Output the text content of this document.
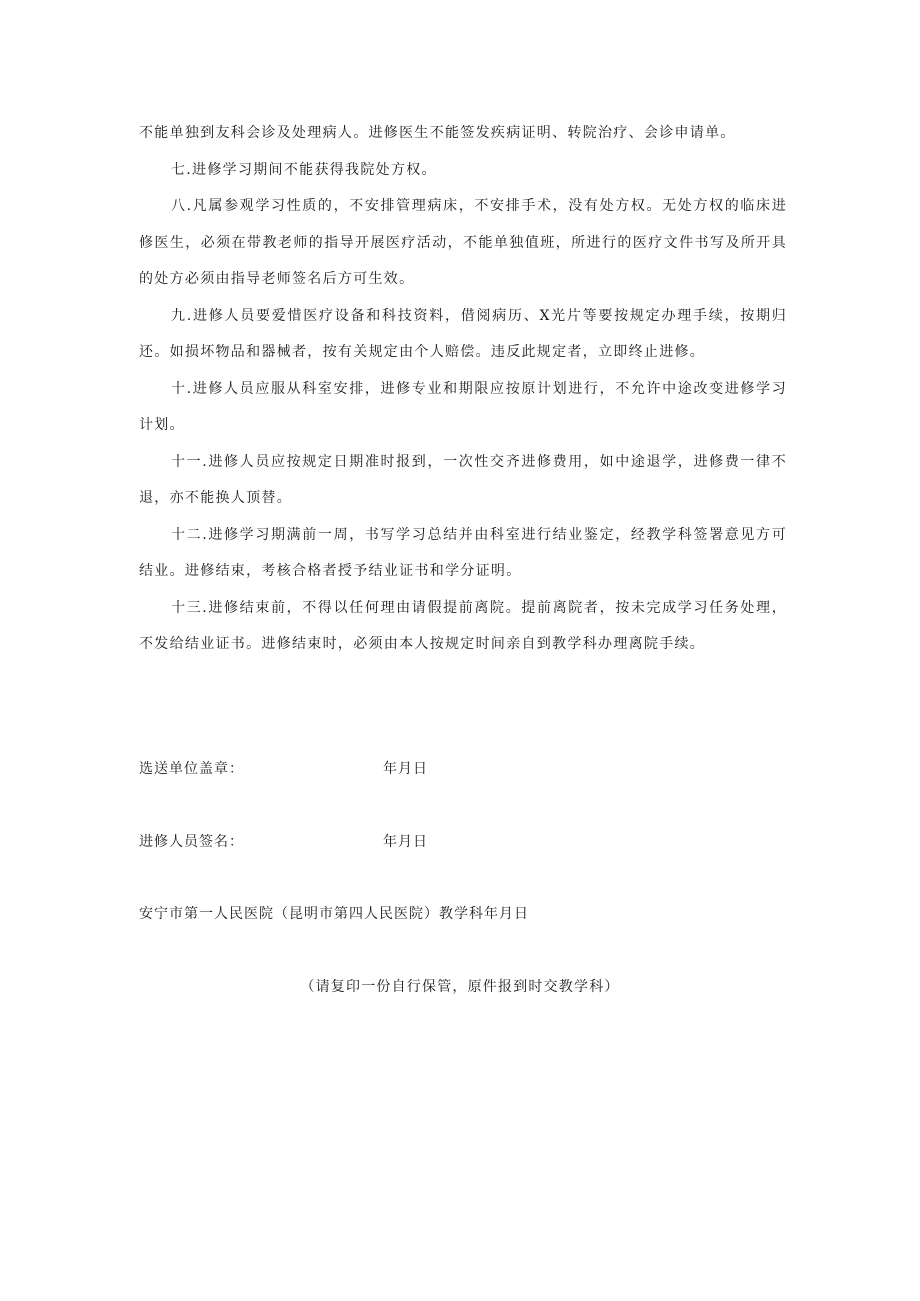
不能单独到友科会诊及处理病人。进修医生不能签发疾病证明、转院治疗、会诊申请单。

七.进修学习期间不能获得我院处方权。

八.凡属参观学习性质的，不安排管理病床，不安排手术，没有处方权。无处方权的临床进修医生，必须在带教老师的指导开展医疗活动，不能单独值班，所进行的医疗文件书写及所开具的处方必须由指导老师签名后方可生效。

九.进修人员要爱惜医疗设备和科技资料，借阅病历、X光片等要按规定办理手续，按期归还。如损坏物品和器械者，按有关规定由个人赔偿。违反此规定者，立即终止进修。

十.进修人员应服从科室安排，进修专业和期限应按原计划进行，不允许中途改变进修学习计划。

十一.进修人员应按规定日期准时报到，一次性交齐进修费用，如中途退学，进修费一律不退，亦不能换人顶替。

十二.进修学习期满前一周，书写学习总结并由科室进行结业鉴定，经教学科签署意见方可结业。进修结束，考核合格者授予结业证书和学分证明。

十三.进修结束前，不得以任何理由请假提前离院。提前离院者，按未完成学习任务处理，不发给结业证书。进修结束时，必须由本人按规定时间亲自到教学科办理离院手续。

选送单位盖章：	年月日
进修人员签名：	年月日
安宁市第一人民医院（昆明市第四人民医院）教学科年月日
（请复印一份自行保管，原件报到时交教学科）
